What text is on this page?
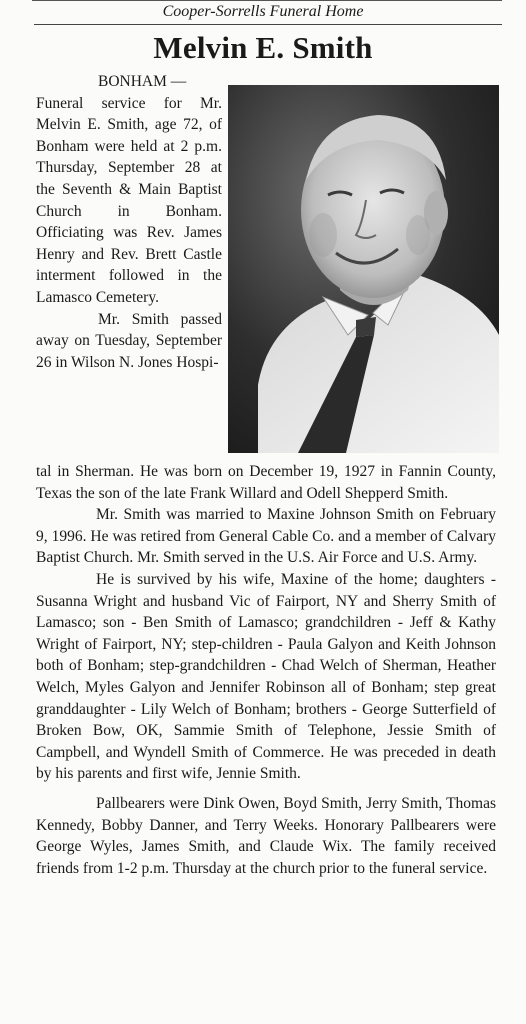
Cooper-Sorrells Funeral Home
Melvin E. Smith
BONHAM —

Funeral service for Mr. Melvin E. Smith, age 72, of Bonham were held at 2 p.m. Thursday, September 28 at the Seventh & Main Baptist Church in Bonham. Officiating was Rev. James Henry and Rev. Brett Castle interment followed in the Lamasco Cemetery.

Mr. Smith passed away on Tuesday, September 26 in Wilson N. Jones Hospi-

tal in Sherman. He was born on December 19, 1927 in Fannin County, Texas the son of the late Frank Willard and Odell Shepperd Smith.

Mr. Smith was married to Maxine Johnson Smith on February 9, 1996. He was retired from General Cable Co. and a member of Calvary Baptist Church. Mr. Smith served in the U.S. Air Force and U.S. Army.

He is survived by his wife, Maxine of the home; daughters - Susanna Wright and husband Vic of Fairport, NY and Sherry Smith of Lamasco; son - Ben Smith of Lamasco; grandchildren - Jeff & Kathy Wright of Fairport, NY; step-children - Paula Galyon and Keith Johnson both of Bonham; step-grandchildren - Chad Welch of Sherman, Heather Welch, Myles Galyon and Jennifer Robinson all of Bonham; step great granddaughter - Lily Welch of Bonham; brothers - George Sutterfield of Broken Bow, OK, Sammie Smith of Telephone, Jessie Smith of Campbell, and Wyndell Smith of Commerce. He was preceded in death by his parents and first wife, Jennie Smith.

Pallbearers were Dink Owen, Boyd Smith, Jerry Smith, Thomas Kennedy, Bobby Danner, and Terry Weeks. Honorary Pallbearers were George Wyles, James Smith, and Claude Wix. The family received friends from 1-2 p.m. Thursday at the church prior to the funeral service.
